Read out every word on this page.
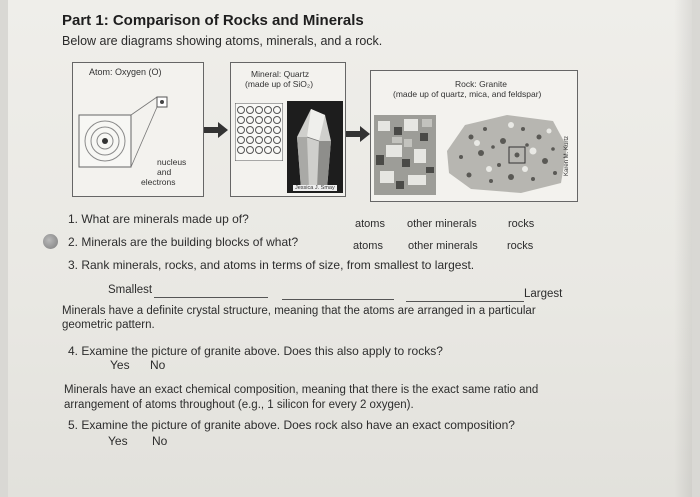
Part 1: Comparison of Rocks and Minerals
Below are diagrams showing atoms, minerals, and a rock.
Atom: Oxygen (O)
nucleus
and
electrons
Mineral: Quartz
(made up of SiO₂)
Jessica J. Smay
Rock: Granite
(made up of quartz, mica, and feldspar)
Karen M. Kurtz
1. What are minerals made up of?	atoms other minerals	rocks
2. Minerals are the building blocks of what?	atoms other minerals	rocks
3. Rank minerals, rocks, and atoms in terms of size, from smallest to largest.
Smallest	Largest
Minerals have a definite crystal structure, meaning that the atoms are arranged in a particular
geometric pattern.
4. Examine the picture of granite above. Does this also apply to rocks?
Yes No
Minerals have an exact chemical composition, meaning that there is the exact same ratio and
arrangement of atoms throughout (e.g., 1 silicon for every 2 oxygen).
5. Examine the picture of granite above. Does rock also have an exact composition?
Yes No
